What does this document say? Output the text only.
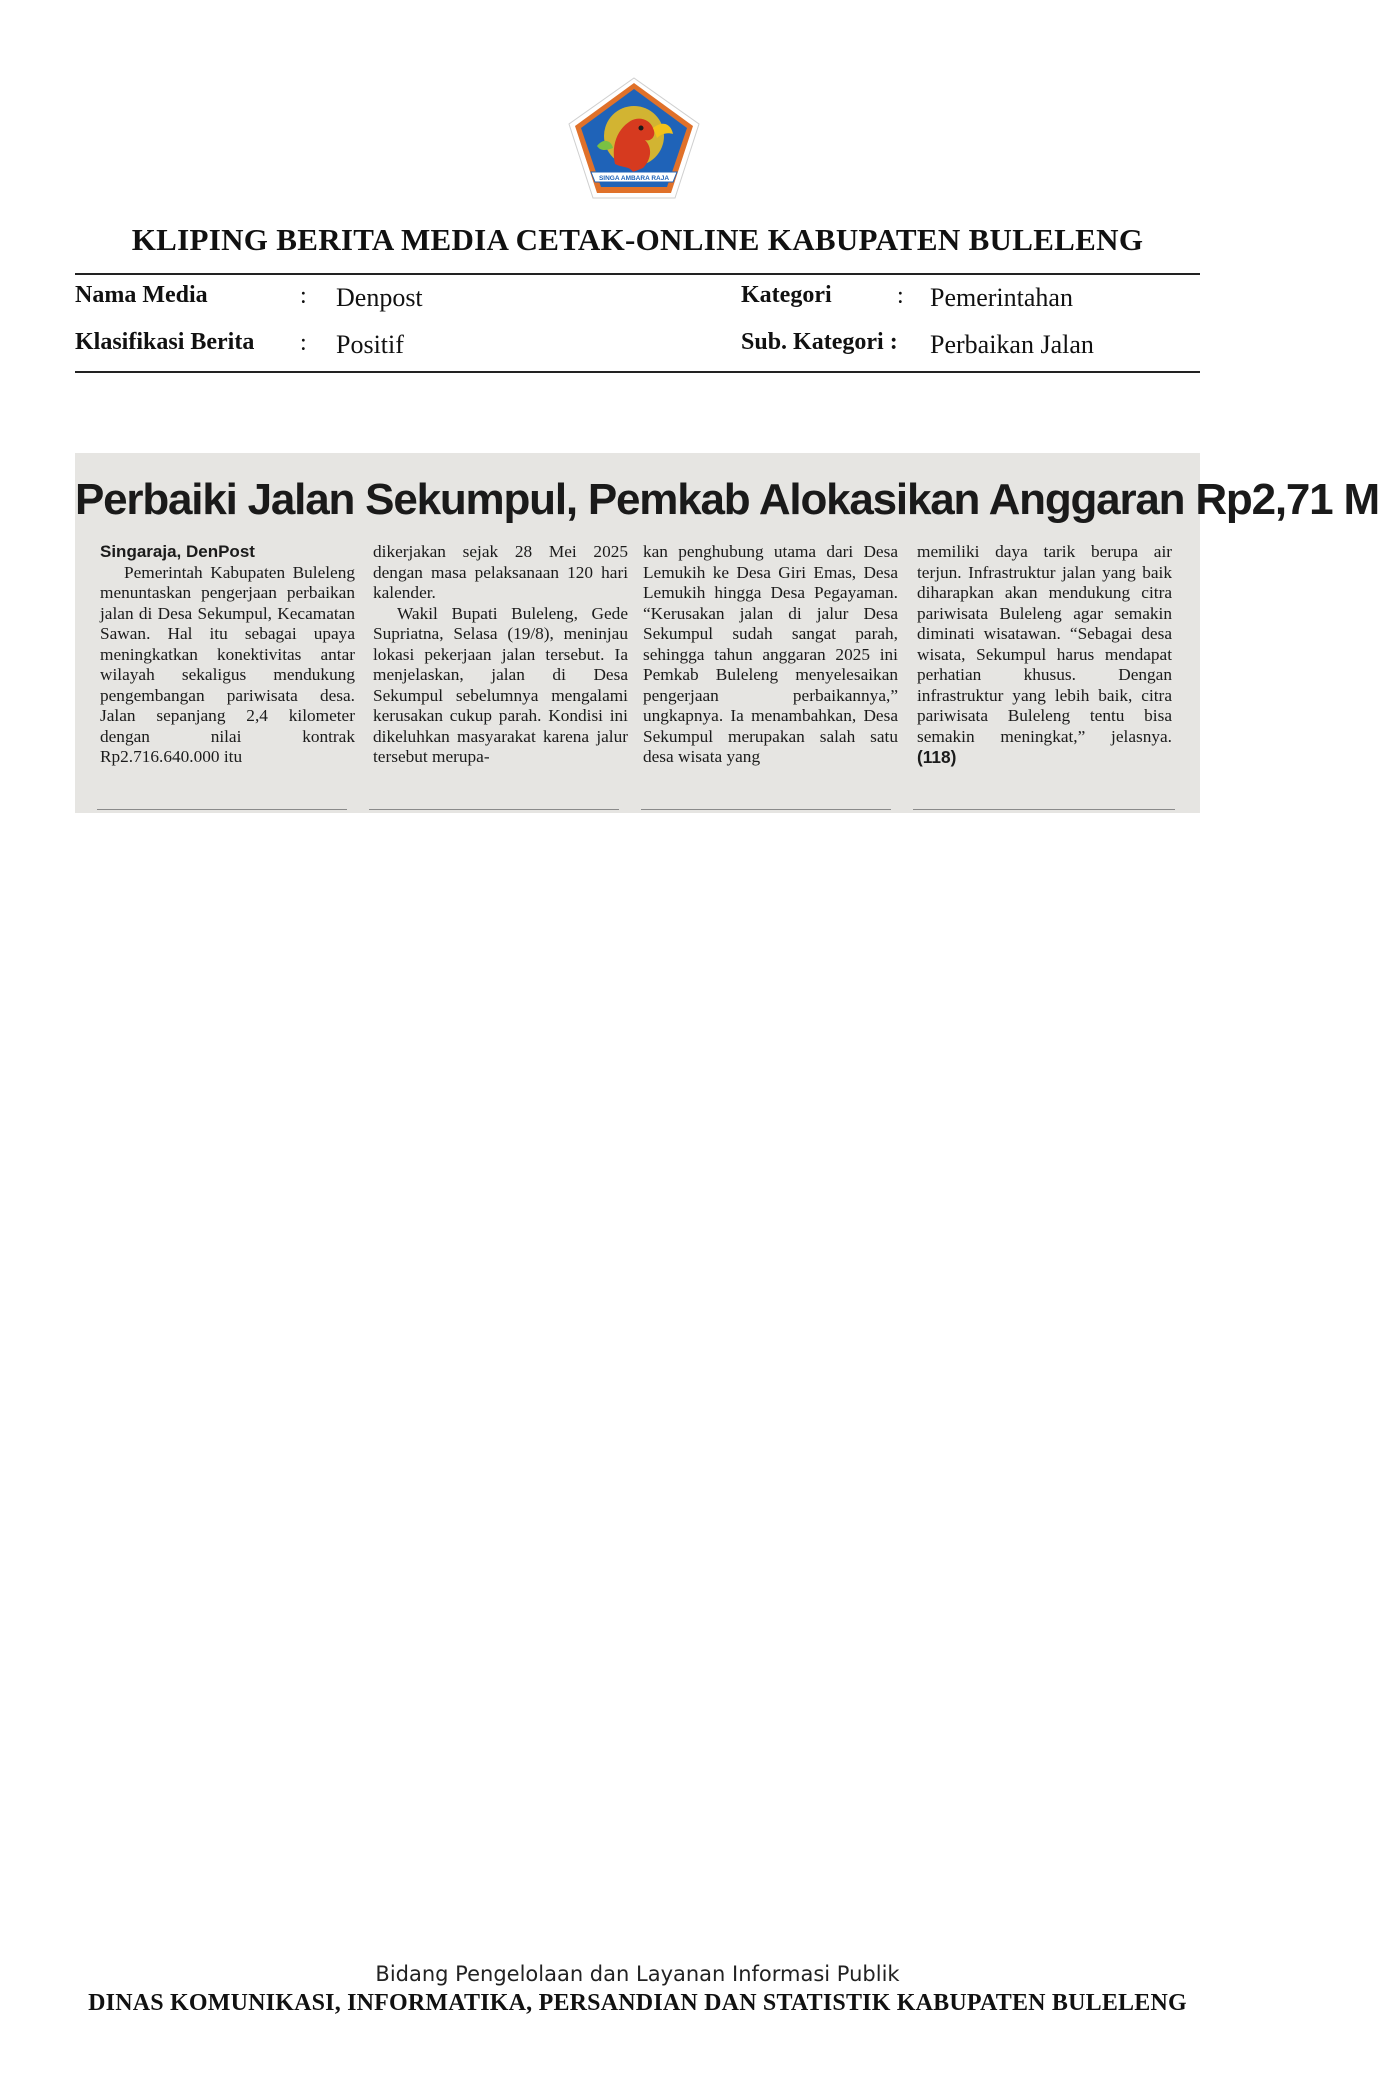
SINGA AMBARA RAJA
KLIPING BERITA MEDIA CETAK-ONLINE KABUPATEN BULELENG
Nama Media	: Denpost	Kategori	: Pemerintahan
Klasifikasi Berita : Positif	Sub. Kategori : Perbaikan Jalan
Perbaiki Jalan Sekumpul, Pemkab Alokasikan Anggaran Rp2,71 M
Singaraja, DenPost

Pemerintah Kabupaten Buleleng menuntaskan pengerjaan perbaikan jalan di Desa Sekumpul, Kecamatan Sawan. Hal itu sebagai upaya meningkatkan konektivitas antar wilayah sekaligus mendukung pengembangan pariwisata desa. Jalan sepanjang 2,4 kilometer dengan nilai kontrak Rp2.716.640.000 itu

dikerjakan sejak 28 Mei 2025 dengan masa pelaksanaan 120 hari kalender.

Wakil Bupati Buleleng, Gede Supriatna, Selasa (19/8), meninjau lokasi pekerjaan jalan tersebut. Ia menjelaskan, jalan di Desa Sekumpul sebelumnya mengalami kerusakan cukup parah. Kondisi ini dikeluhkan masyarakat karena jalur tersebut merupa-

kan penghubung utama dari Desa Lemukih ke Desa Giri Emas, Desa Lemukih hingga Desa Pegayaman. “Kerusakan jalan di jalur Desa Sekumpul sudah sangat parah, sehingga tahun anggaran 2025 ini Pemkab Buleleng menyelesaikan pengerjaan perbaikannya,” ungkapnya. Ia menambahkan, Desa Sekumpul merupakan salah satu desa wisata yang

memiliki daya tarik berupa air terjun. Infrastruktur jalan yang baik diharapkan akan mendukung citra pariwisata Buleleng agar semakin diminati wisatawan. “Sebagai desa wisata, Sekumpul harus mendapat perhatian khusus. Dengan infrastruktur yang lebih baik, citra pariwisata Buleleng tentu bisa semakin meningkat,” jelasnya. (118)

Bidang Pengelolaan dan Layanan Informasi Publik
DINAS KOMUNIKASI, INFORMATIKA, PERSANDIAN DAN STATISTIK KABUPATEN BULELENG
